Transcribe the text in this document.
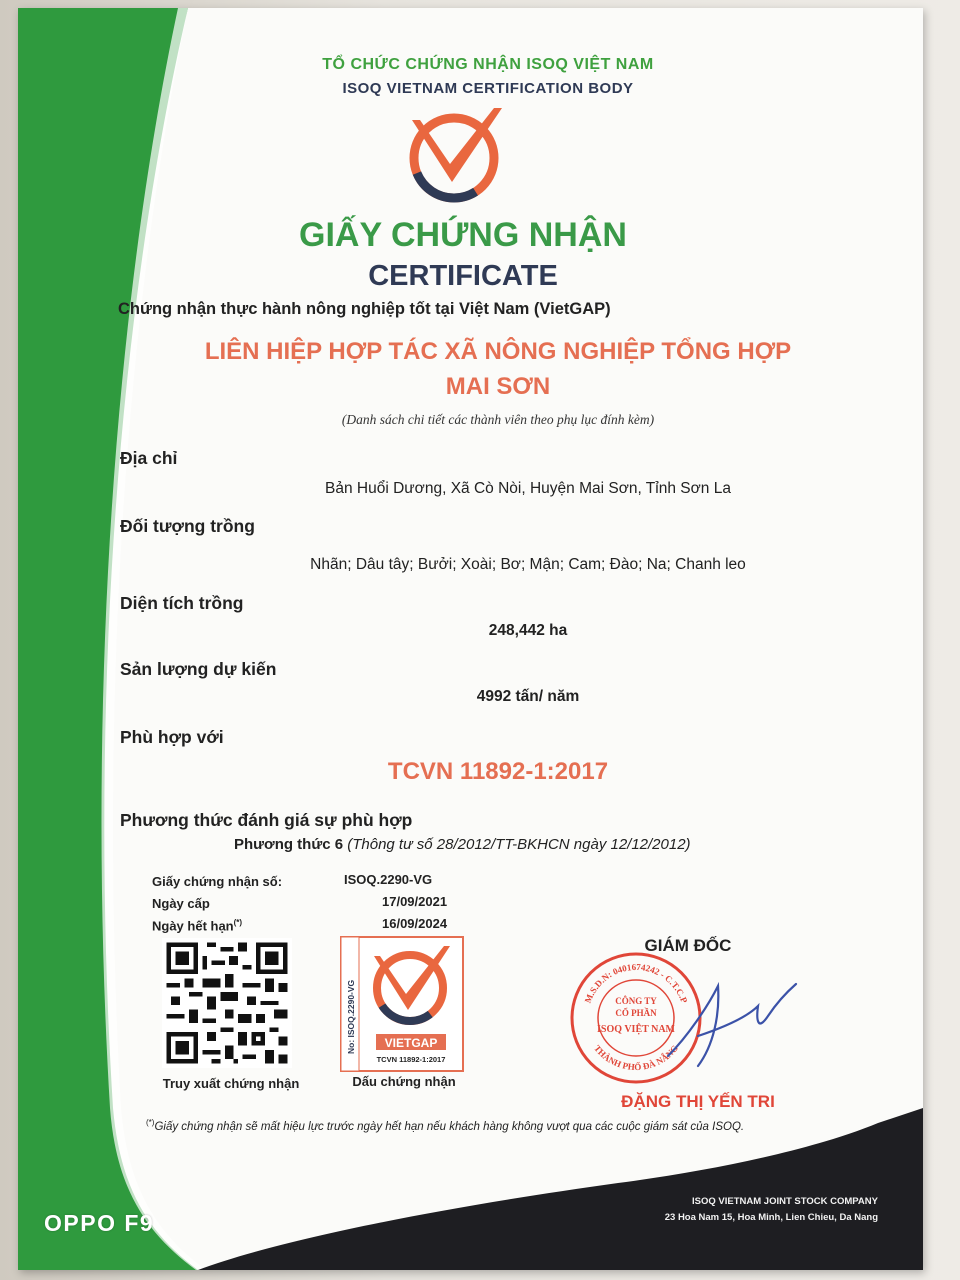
TỔ CHỨC CHỨNG NHẬN ISOQ VIỆT NAM
ISOQ VIETNAM CERTIFICATION BODY
GIẤY CHỨNG NHẬN
CERTIFICATE
Chứng nhận thực hành nông nghiệp tốt tại Việt Nam (VietGAP)
LIÊN HIỆP HỢP TÁC XÃ NÔNG NGHIỆP TỔNG HỢP
MAI SƠN
(Danh sách chi tiết các thành viên theo phụ lục đính kèm)
Địa chỉ
Bản Huổi Dương, Xã Cò Nòi, Huyện Mai Sơn, Tỉnh Sơn La
Đối tượng trồng
Nhãn; Dâu tây; Bưởi; Xoài; Bơ; Mận; Cam; Đào; Na; Chanh leo
Diện tích trồng
248,442 ha
Sản lượng dự kiến
4992 tấn/ năm
Phù hợp với
TCVN 11892-1:2017
Phương thức đánh giá sự phù hợp
Phương thức 6 (Thông tư số 28/2012/TT-BKHCN ngày 12/12/2012)
Giấy chứng nhận số:	ISOQ.2290-VG
Ngày cấp	17/09/2021
Ngày hết hạn(*)	16/09/2024
Truy xuất chứng nhận
No: ISOQ.2290-VG VIETGAP
TCVN 11892-1:2017
Dấu chứng nhận
GIÁM ĐỐC
M.S.D.N: 0401674242 - C.T.C.P
THÀNH PHỐ ĐÀ NẴNG
CÔNG TY
CỔ PHẦN
ISOQ VIỆT NAM
ĐẶNG THỊ YẾN TRI
(*)Giấy chứng nhận sẽ mất hiệu lực trước ngày hết hạn nếu khách hàng không vượt qua các cuộc giám sát của ISOQ.
ISOQ VIETNAM JOINT STOCK COMPANY
23 Hoa Nam 15, Hoa Minh, Lien Chieu, Da Nang
OPPO F9
